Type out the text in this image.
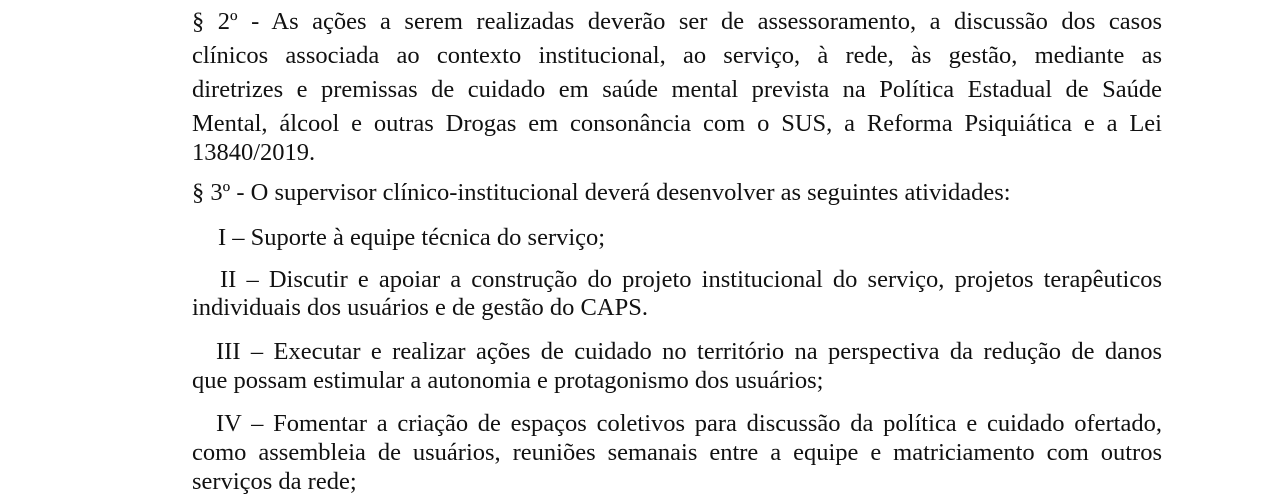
§ 2º - As ações a serem realizadas deverão ser de assessoramento, a discussão dos casos
clínicos associada ao contexto institucional, ao serviço, à rede, às gestão, mediante as
diretrizes e premissas de cuidado em saúde mental prevista na Política Estadual de Saúde
Mental, álcool e outras Drogas em consonância com o SUS, a Reforma Psiquiática e a Lei
13840/2019.
§ 3º - O supervisor clínico-institucional deverá desenvolver as seguintes atividades:
I – Suporte à equipe técnica do serviço;
II – Discutir e apoiar a construção do projeto institucional do serviço, projetos terapêuticos
individuais dos usuários e de gestão do CAPS.
III – Executar e realizar ações de cuidado no território na perspectiva da redução de danos
que possam estimular a autonomia e protagonismo dos usuários;
IV – Fomentar a criação de espaços coletivos para discussão da política e cuidado ofertado,
como assembleia de usuários, reuniões semanais entre a equipe e matriciamento com outros
serviços da rede;
